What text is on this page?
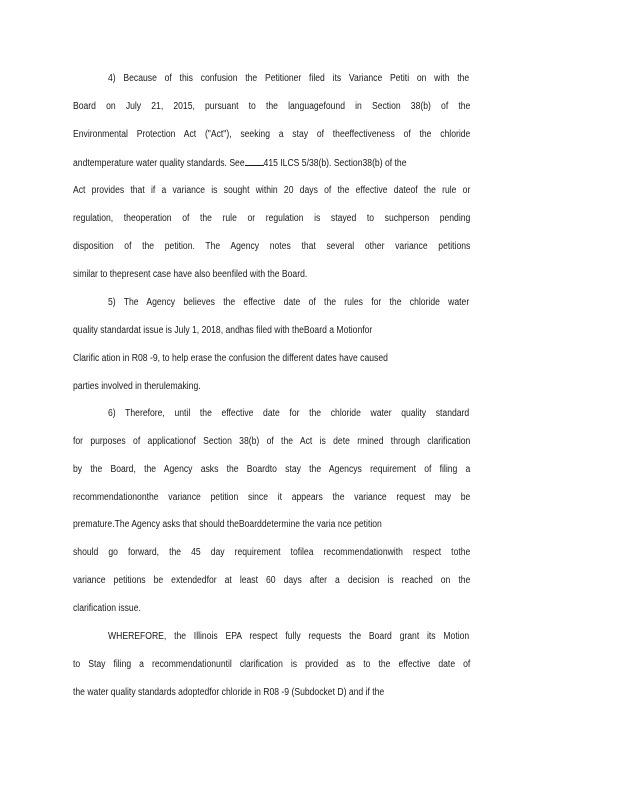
4) Because of this confusion the Petitioner filed its Variance Petiti on with the
Board on July 21, 2015, pursuant to the languagefound in Section 38(b) of the
Environmental Protection Act ("Act"), seeking a stay of theeffectiveness of the chloride
andtemperature water quality standards. See 415 ILCS 5/38(b). Section38(b) of the
Act provides that if a variance is sought within 20 days of the effective dateof the rule or
regulation, theoperation of the rule or regulation is stayed to suchperson pending
disposition of the petition. The Agency notes that several other variance petitions
similar to thepresent case have also beenfiled with the Board.
5) The Agency believes the effective date of the rules for the chloride water
quality standardat issue is July 1, 2018, andhas filed with theBoard a Motionfor
Clarific ation in R08 -9, to help erase the confusion the different dates have caused
parties involved in therulemaking.
6) Therefore, until the effective date for the chloride water quality standard
for purposes of applicationof Section 38(b) of the Act is dete rmined through clarification
by the Board, the Agency asks the Boardto stay the Agencys requirement of filing a
recommendationonthe variance petition since it appears the variance request may be
premature.The Agency asks that should theBoarddetermine the varia nce petition
should go forward, the 45 day requirement tofilea recommendationwith respect tothe
variance petitions be extendedfor at least 60 days after a decision is reached on the
clarification issue.
WHEREFORE, the Illinois EPA respect fully requests the Board grant its Motion
to Stay filing a recommendationuntil clarification is provided as to the effective date of
the water quality standards adoptedfor chloride in R08 -9 (Subdocket D) and if the
